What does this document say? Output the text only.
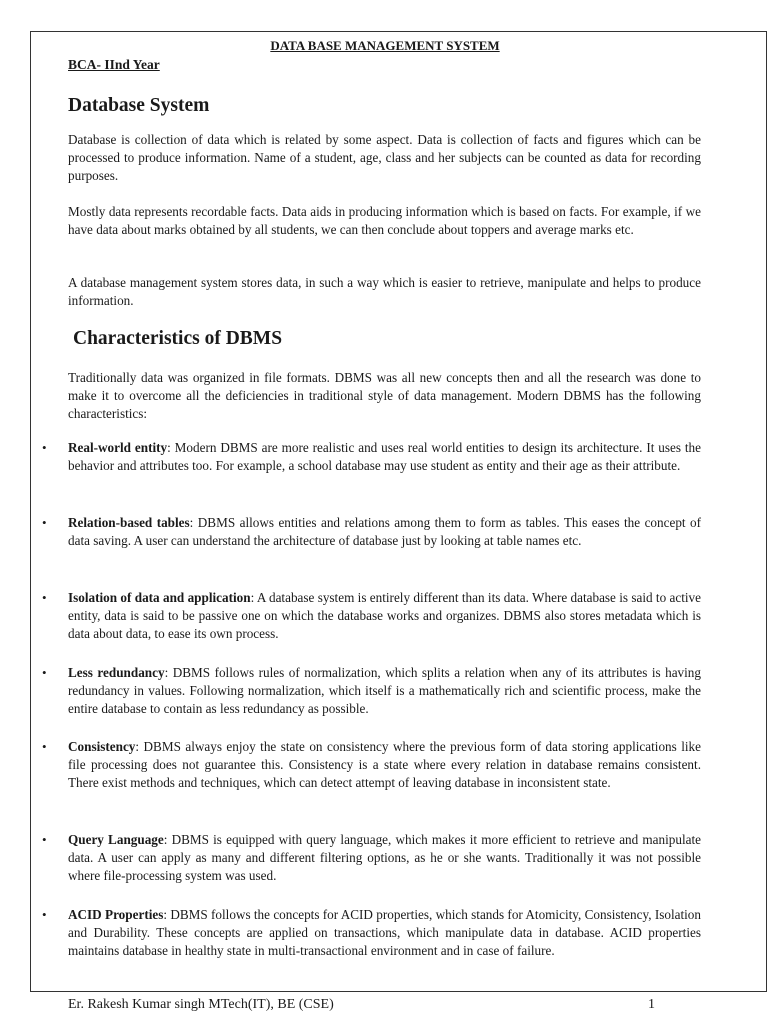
DATA BASE MANAGEMENT SYSTEM
BCA- IInd Year
Database System

Database is collection of data which is related by some aspect. Data is collection of facts and figures which can be processed to produce information. Name of a student, age, class and her subjects can be counted as data for recording purposes.

Mostly data represents recordable facts. Data aids in producing information which is based on facts. For example, if we have data about marks obtained by all students, we can then conclude about toppers and average marks etc.

A database management system stores data, in such a way which is easier to retrieve, manipulate and helps to produce information.

Characteristics of DBMS

Traditionally data was organized in file formats. DBMS was all new concepts then and all the research was done to make it to overcome all the deficiencies in traditional style of data management. Modern DBMS has the following characteristics:

• Real-world entity: Modern DBMS are more realistic and uses real world entities to design its architecture. It uses the behavior and attributes too. For example, a school database may use student as entity and their age as their attribute.
• Relation-based tables: DBMS allows entities and relations among them to form as tables. This eases the concept of data saving. A user can understand the architecture of database just by looking at table names etc.
• Isolation of data and application: A database system is entirely different than its data. Where database is said to active entity, data is said to be passive one on which the database works and organizes. DBMS also stores metadata which is data about data, to ease its own process.
• Less redundancy: DBMS follows rules of normalization, which splits a relation when any of its attributes is having redundancy in values. Following normalization, which itself is a mathematically rich and scientific process, make the entire database to contain as less redundancy as possible.
• Consistency: DBMS always enjoy the state on consistency where the previous form of data storing applications like file processing does not guarantee this. Consistency is a state where every relation in database remains consistent. There exist methods and techniques, which can detect attempt of leaving database in inconsistent state.
• Query Language: DBMS is equipped with query language, which makes it more efficient to retrieve and manipulate data. A user can apply as many and different filtering options, as he or she wants. Traditionally it was not possible where file-processing system was used.
• ACID Properties: DBMS follows the concepts for ACID properties, which stands for Atomicity, Consistency, Isolation and Durability. These concepts are applied on transactions, which manipulate data in database. ACID properties maintains database in healthy state in multi-transactional environment and in case of failure.
Er. Rakesh Kumar singh MTech(IT), BE (CSE)	1
